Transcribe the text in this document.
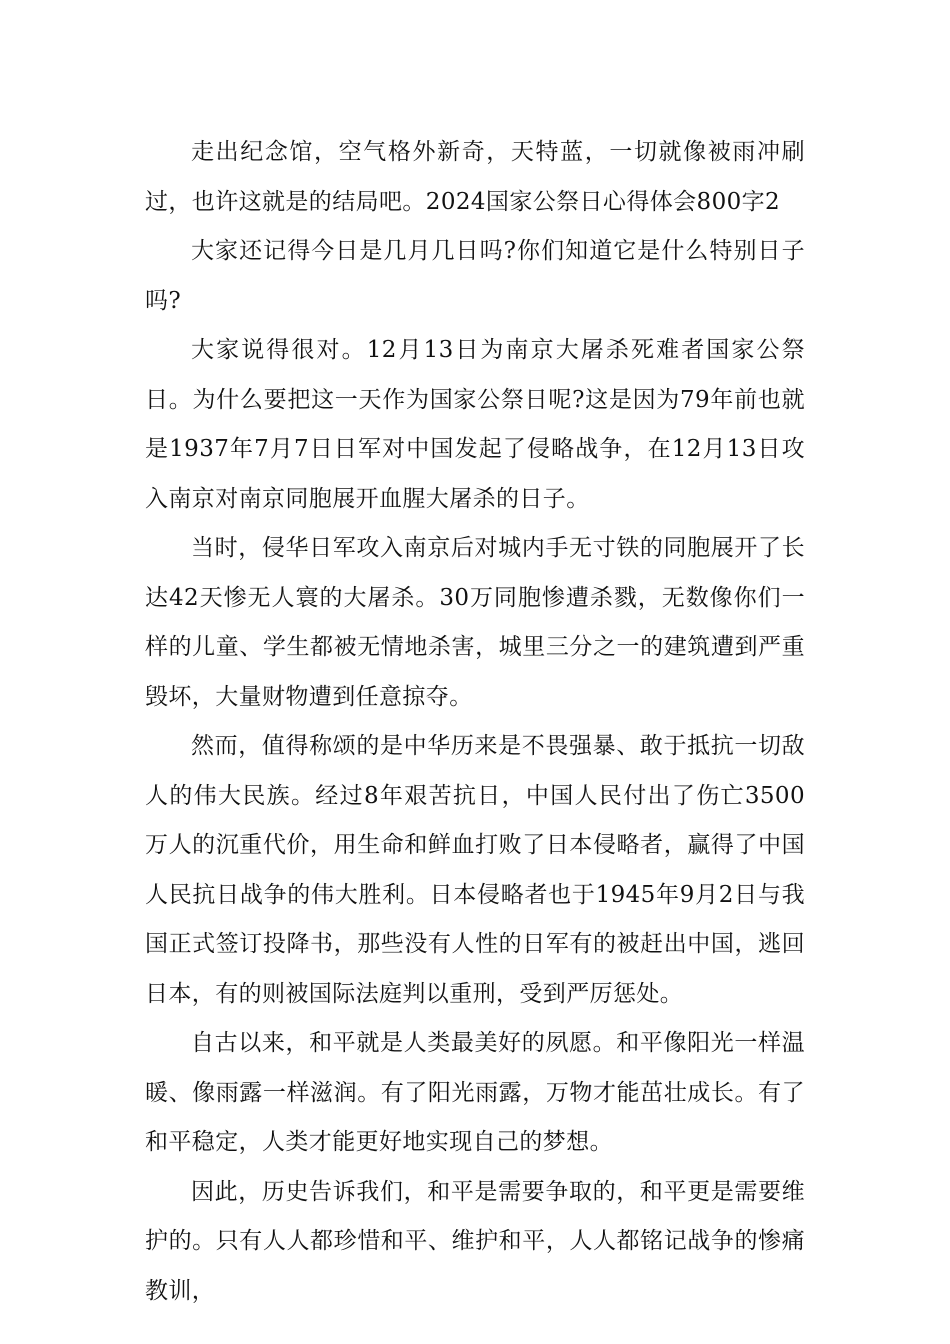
走出纪念馆，空气格外新奇，天特蓝，一切就像被雨冲刷过，也许这就是的结局吧。2024国家公祭日心得体会800字2

大家还记得今日是几月几日吗?你们知道它是什么特别日子吗?

大家说得很对。12月13日为南京大屠杀死难者国家公祭日。为什么要把这一天作为国家公祭日呢?这是因为79年前也就是1937年7月7日日军对中国发起了侵略战争，在12月13日攻入南京对南京同胞展开血腥大屠杀的日子。

当时，侵华日军攻入南京后对城内手无寸铁的同胞展开了长达42天惨无人寰的大屠杀。30万同胞惨遭杀戮，无数像你们一样的儿童、学生都被无情地杀害，城里三分之一的建筑遭到严重毁坏，大量财物遭到任意掠夺。

然而，值得称颂的是中华历来是不畏强暴、敢于抵抗一切敌人的伟大民族。经过8年艰苦抗日，中国人民付出了伤亡3500万人的沉重代价，用生命和鲜血打败了日本侵略者，赢得了中国人民抗日战争的伟大胜利。日本侵略者也于1945年9月2日与我国正式签订投降书，那些没有人性的日军有的被赶出中国，逃回日本，有的则被国际法庭判以重刑，受到严厉惩处。

自古以来，和平就是人类最美好的夙愿。和平像阳光一样温暖、像雨露一样滋润。有了阳光雨露，万物才能茁壮成长。有了和平稳定，人类才能更好地实现自己的梦想。

因此，历史告诉我们，和平是需要争取的，和平更是需要维护的。只有人人都珍惜和平、维护和平，人人都铭记战争的惨痛教训，
